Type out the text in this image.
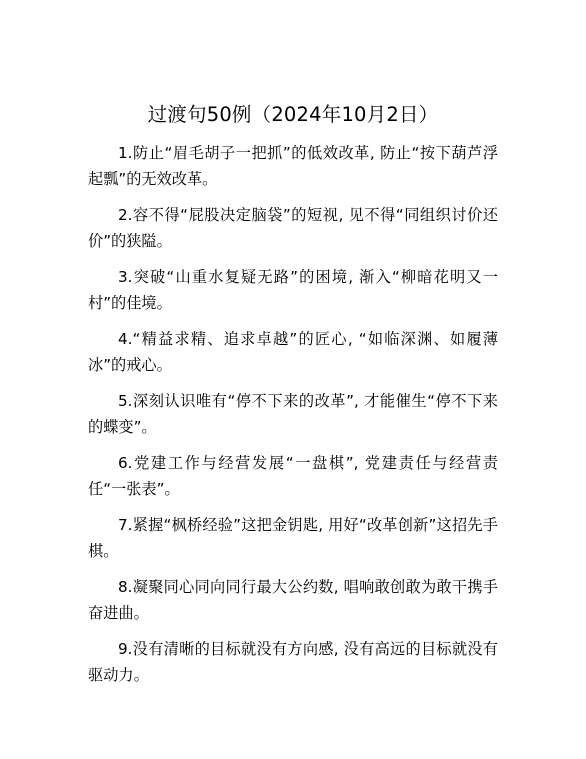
过渡句50例（2024年10月2日）

1.防止“眉毛胡子一把抓”的低效改革, 防止“按下葫芦浮起瓢”的无效改革。

2.容不得“屁股决定脑袋”的短视, 见不得“同组织讨价还价”的狭隘。

3.突破“山重水复疑无路”的困境, 渐入“柳暗花明又一村”的佳境。

4.“精益求精、追求卓越”的匠心, “如临深渊、如履薄冰”的戒心。

5.深刻认识唯有“停不下来的改革”, 才能催生“停不下来的蝶变”。

6.党建工作与经营发展“一盘棋”, 党建责任与经营责任“一张表”。

7.紧握“枫桥经验”这把金钥匙, 用好“改革创新”这招先手棋。

8.凝聚同心同向同行最大公约数, 唱响敢创敢为敢干携手奋进曲。

9.没有清晰的目标就没有方向感, 没有高远的目标就没有驱动力。
